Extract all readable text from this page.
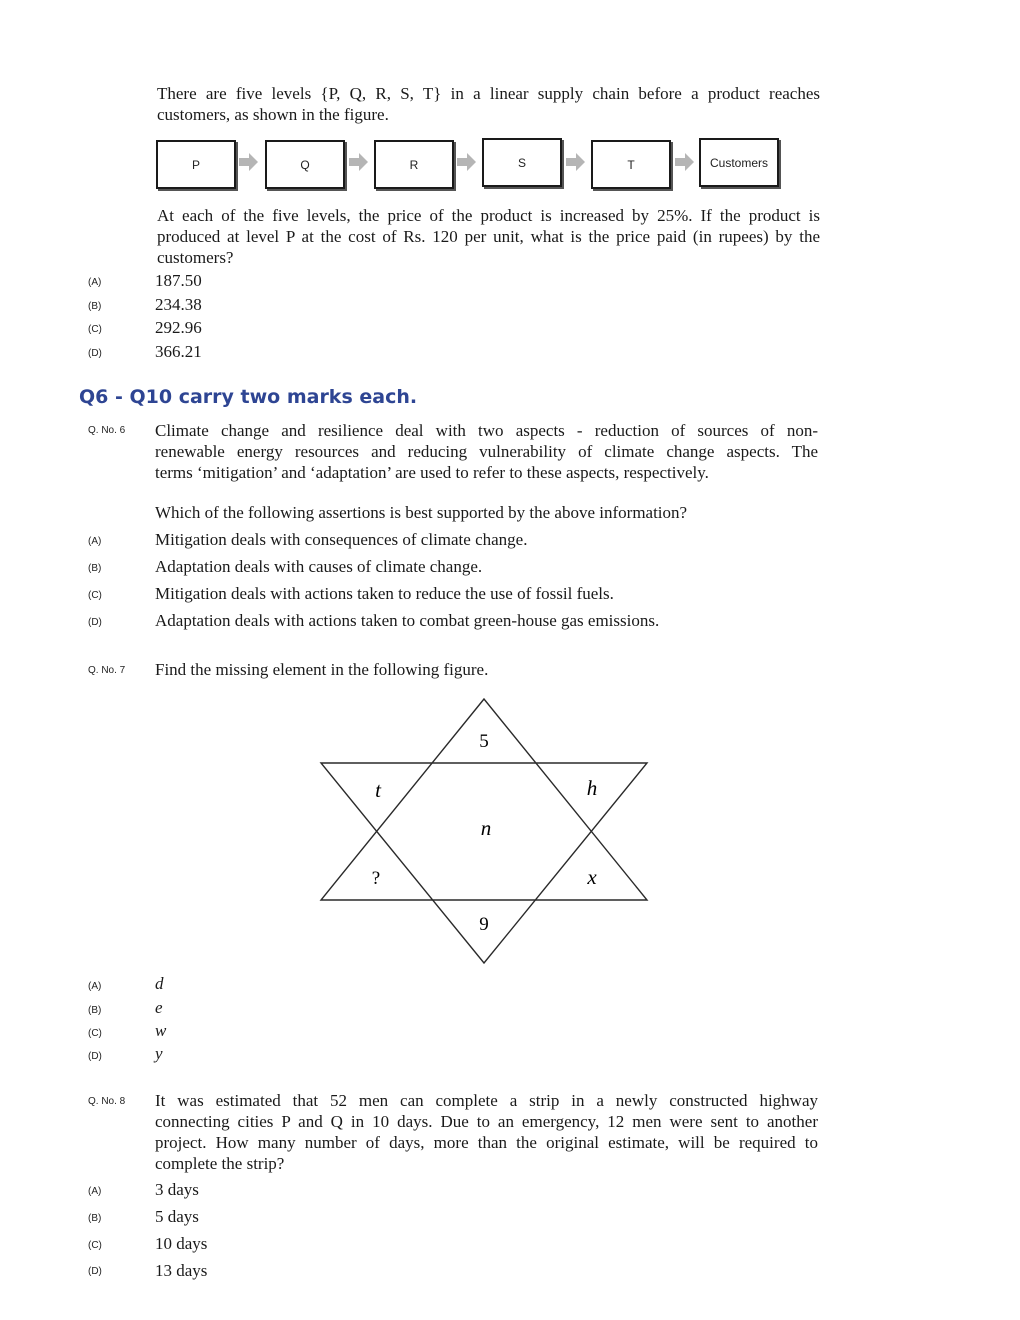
There are five levels {P, Q, R, S, T} in a linear supply chain before a product reaches
customers, as shown in the figure.
P	Q	R	S	T	Customers
At each of the five levels, the price of the product is increased by 25%. If the product is
produced at level P at the cost of Rs. 120 per unit, what is the price paid (in rupees) by the
customers?
(A)	187.50
(B)	234.38
(C)	292.96
(D)	366.21
Q6 - Q10 carry two marks each.
Q. No. 6 Climate change and resilience deal with two aspects - reduction of sources of non-
renewable energy resources and reducing vulnerability of climate change aspects. The
terms ‘mitigation’ and ‘adaptation’ are used to refer to these aspects, respectively.
Which of the following assertions is best supported by the above information?
(A)	Mitigation deals with consequences of climate change.
(B)	Adaptation deals with causes of climate change.
(C)	Mitigation deals with actions taken to reduce the use of fossil fuels.
(D)	Adaptation deals with actions taken to combat green-house gas emissions.
Q. No. 7 Find the missing element in the following figure.
5
t	h
n
?	x
9
(A)	d
(B)	e
(C)	w
(D)	y
Q. No. 8 It was estimated that 52 men can complete a strip in a newly constructed highway
connecting cities P and Q in 10 days. Due to an emergency, 12 men were sent to another
project. How many number of days, more than the original estimate, will be required to
complete the strip?
(A)	3 days
(B)	5 days
(C)	10 days
(D)	13 days
